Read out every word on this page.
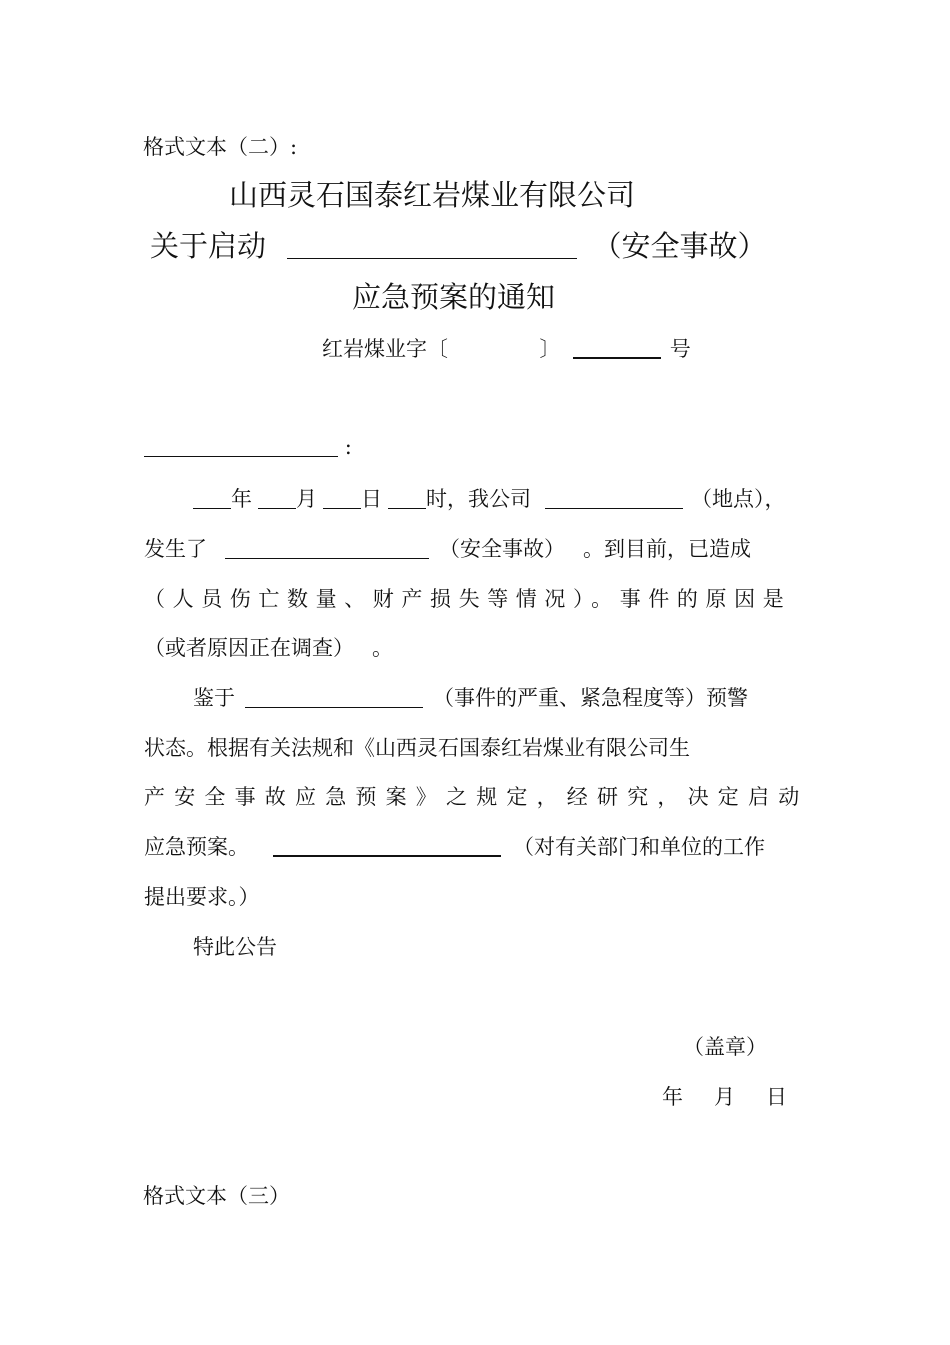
格式文本（二）:
山西灵石国泰红岩煤业有限公司
关于启动	（安全事故）
应急预案的通知
红岩煤业字〔	〕	号
:
年 月 日 时，我公司	（地点），
发生了	（安全事故） 。到目前，已造成
（人员伤亡数量、财产损失等情况）。事件的原因是
（或者原因正在调查） 。
鉴于	（事件的严重、紧急程度等）预警
状态。根据有关法规和《山西灵石国泰红岩煤业有限公司生
产安全事故应急预案》之规定，经研究，决定启动
应急预案。	（对有关部门和单位的工作
提出要求。）
特此公告
（盖章）
年 月 日
格式文本（三）
